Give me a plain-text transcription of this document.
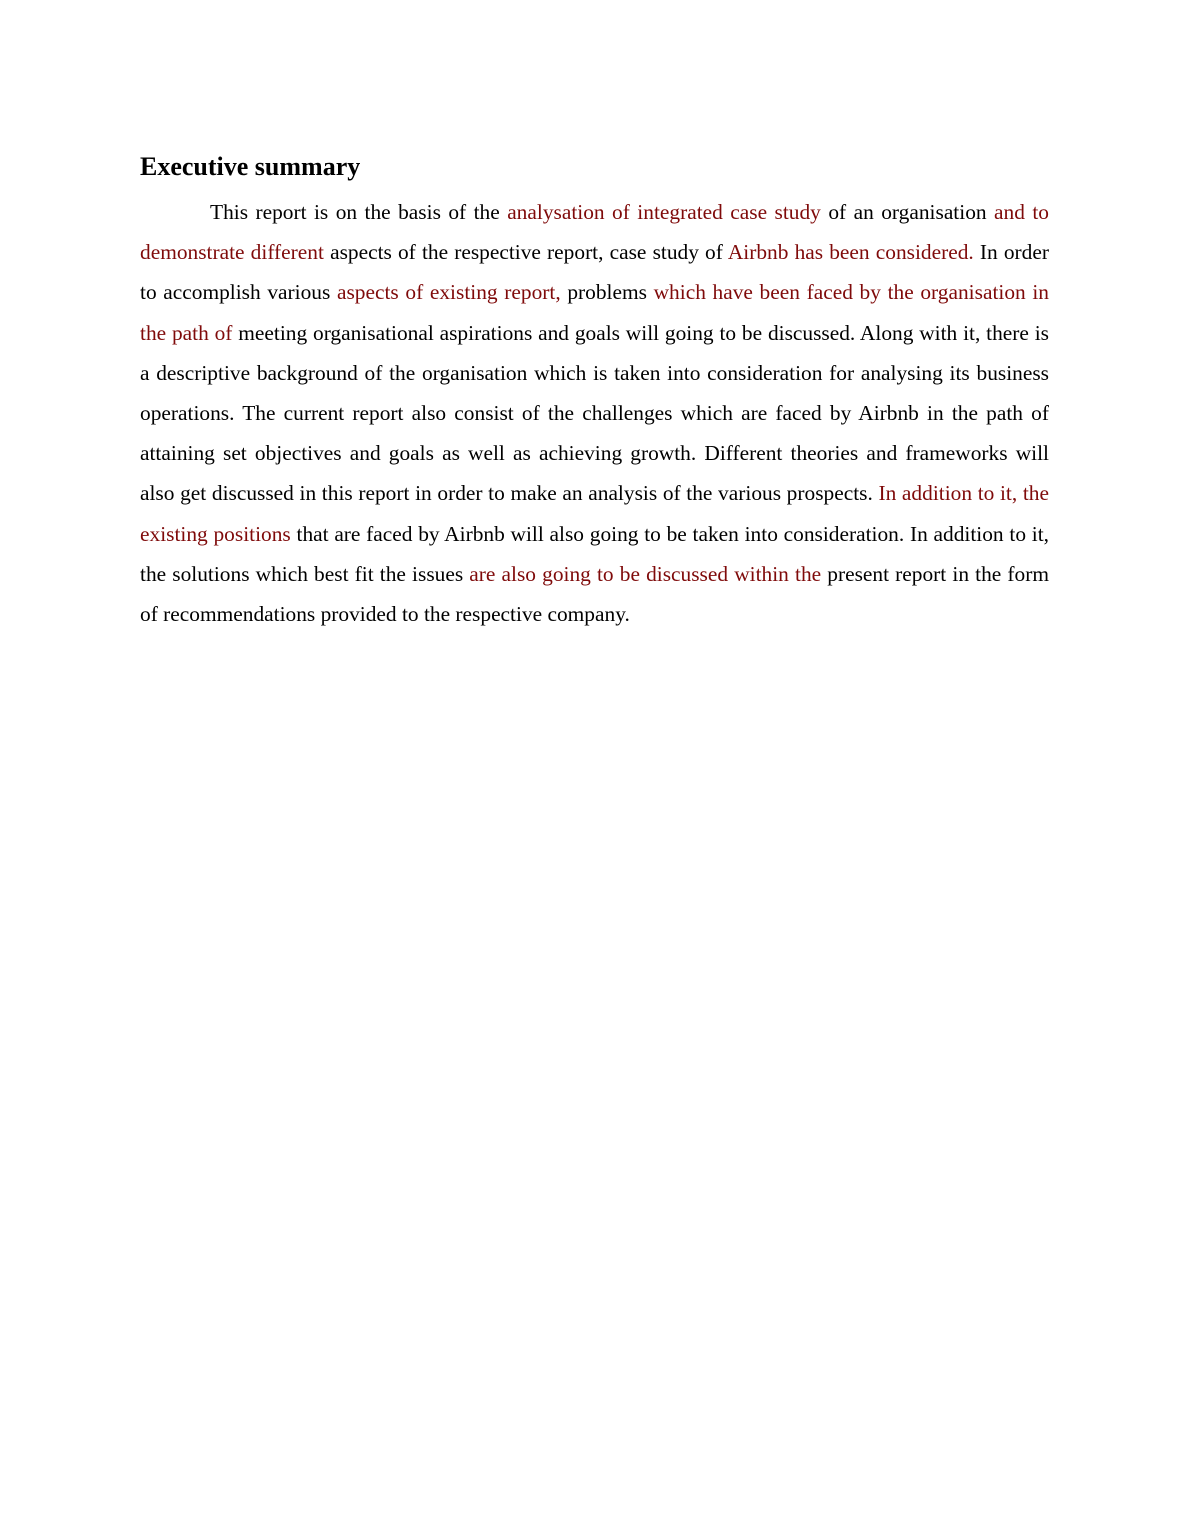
Executive summary

This report is on the basis of the analysation of integrated case study of an organisation and to demonstrate different aspects of the respective report, case study of Airbnb has been considered. In order to accomplish various aspects of existing report, problems which have been faced by the organisation in the path of meeting organisational aspirations and goals will going to be discussed. Along with it, there is a descriptive background of the organisation which is taken into consideration for analysing its business operations. The current report also consist of the challenges which are faced by Airbnb in the path of attaining set objectives and goals as well as achieving growth. Different theories and frameworks will also get discussed in this report in order to make an analysis of the various prospects. In addition to it, the existing positions that are faced by Airbnb will also going to be taken into consideration. In addition to it, the solutions which best fit the issues are also going to be discussed within the present report in the form of recommendations provided to the respective company.
